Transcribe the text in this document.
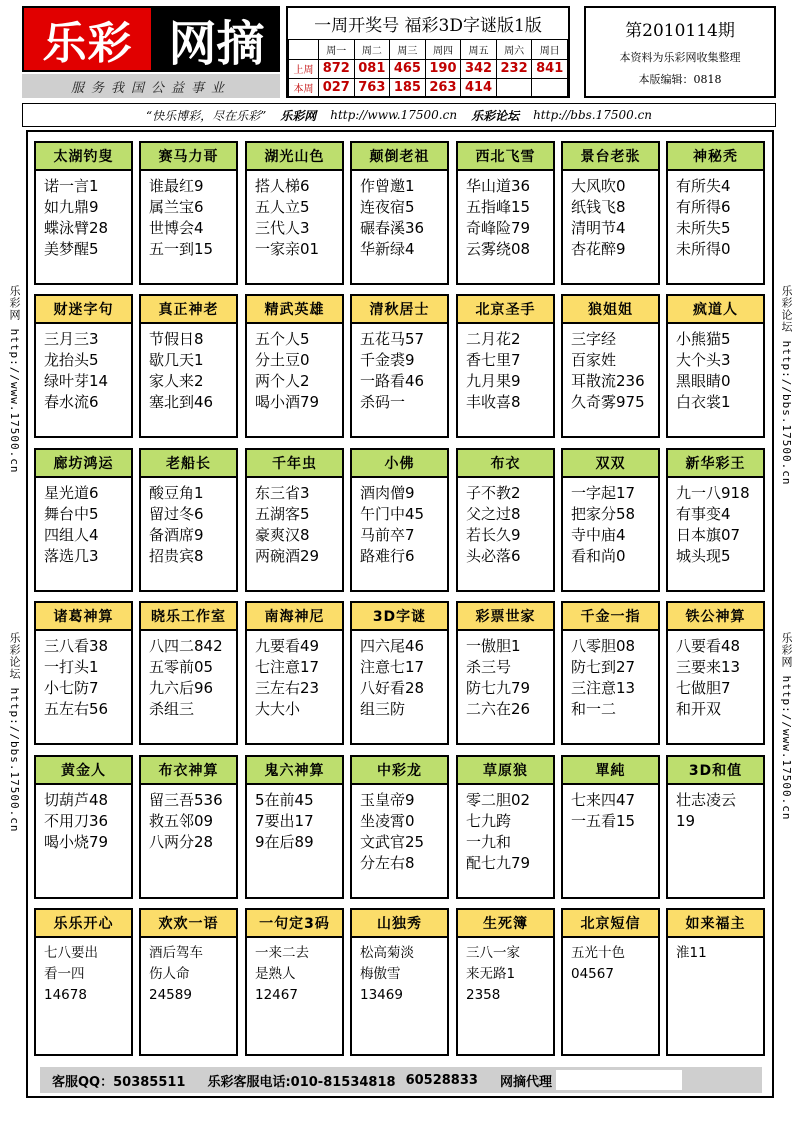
乐彩 网摘
服务我国公益事业
一周开奖号 福彩3D字谜版1版
	周一	周二	周三	周四	周五	周六	周日
上周	872	081	465	190	342	232	841
本周	027	763	185	263	414		
第2010114期
本资料为乐彩网收集整理
本版编辑：0818
“快乐博彩，尽在乐彩” 乐彩网 http://www.17500.cn 乐彩论坛 http://bbs.17500.cn
乐彩网 http://www.17500.cn
乐彩论坛 http://bbs.17500.cn
乐彩论坛 http://bbs.17500.cn
乐彩网 http://www.17500.cn
太湖钓叟
诺一言1
如九鼎9
蝶泳臂28
美梦醒5
赛马力哥
谁最红9
属兰宝6
世博会4
五一到15
湖光山色
搭人梯6
五人立5
三代人3
一家亲01
颠倒老祖
作曾邀1
连夜宿5
碾春溪36
华新绿4
西北飞雪
华山道36
五指峰15
奇峰险79
云雾绕08
景台老张
大风吹0
纸钱飞8
清明节4
杏花醉9
神秘秃
有所失4
有所得6
未所失5
未所得0
财迷字句
三月三3
龙抬头5
绿叶芽14
春水流6
真正神老
节假日8
歇几天1
家人来2
塞北到46
精武英雄
五个人5
分土豆0
两个人2
喝小酒79
清秋居士
五花马57
千金裘9
一路看46
杀码一
北京圣手
二月花2
香七里7
九月果9
丰收喜8
狼姐姐
三字经
百家姓
耳散流236
久奇雾975
疯道人
小熊猫5
大个头3
黑眼睛0
白衣裳1
廊坊鸿运
星光道6
舞台中5
四组人4
落选几3
老船长
酸豆角1
留过冬6
备酒席9
招贵宾8
千年虫
东三省3
五湖客5
豪爽汉8
两碗酒29
小佛
酒肉僧9
午门中45
马前卒7
路难行6
布衣
子不教2
父之过8
若长久9
头必落6
双双
一字起17
把家分58
寺中庙4
看和尚0
新华彩王
九一八918
有事变4
日本旗07
城头现5
诸葛神算
三八看38
一打头1
小七防7
五左右56
晓乐工作室
八四二842
五零前05
九六后96
杀组三
南海神尼
九要看49
七注意17
三左右23
大大小
3D字谜
四六尾46
注意七17
八好看28
组三防
彩票世家
一傲胆1
杀三号
防七九79
二六在26
千金一指
八零胆08
防七到27
三注意13
和一二
铁公神算
八要看48
三要来13
七做胆7
和开双
黄金人
切葫芦48
不用刀36
喝小烧79
布衣神算
留三吾536
救五邻09
八两分28
鬼六神算
5在前45
7要出17
9在后89
中彩龙
玉皇帝9
坐凌霄0
文武官25
分左右8
草原狼
零二胆02
七九跨
一九和
配七九79
單純
七来四47
一五看15
3D和值
壮志凌云
19
乐乐开心
七八要出
看一四
14678
欢欢一语
酒后驾车
伤人命
24589
一句定3码
一来二去
是熟人
12467
山独秀
松高菊淡
梅傲雪
13469
生死簿
三八一家
来无路1
2358
北京短信
五光十色
04567
如来福主
淮11
客服QQ：50385511 乐彩客服电话:010-81534818 60528833 网摘代理
